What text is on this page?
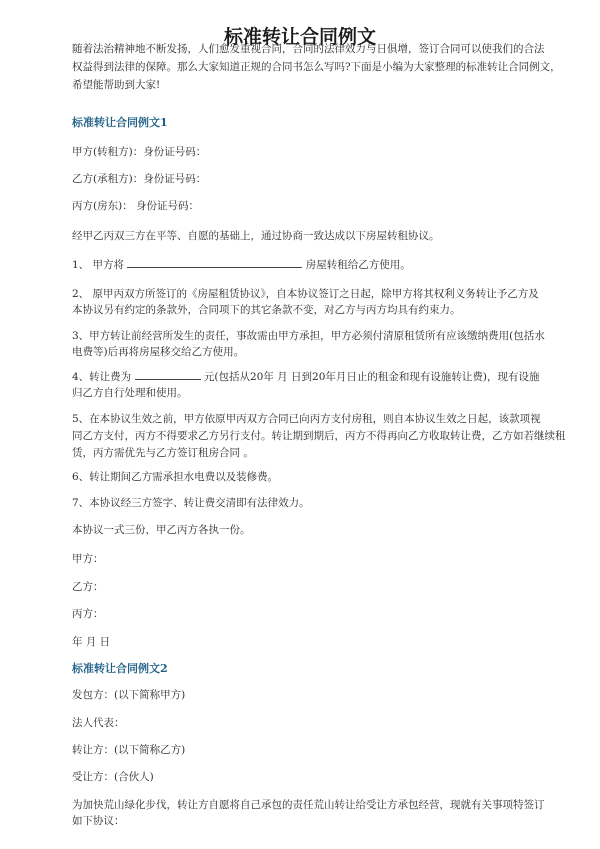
标准转让合同例文
随着法治精神地不断发扬，人们愈发重视合同，合同的法律效力与日俱增，签订合同可以使我们的合法
权益得到法律的保障。那么大家知道正规的合同书怎么写吗?下面是小编为大家整理的标准转让合同例文，
希望能帮助到大家!
标准转让合同例文1
甲方(转租方)：身份证号码：
乙方(承租方)：身份证号码：
丙方(房东)： 身份证号码：
经甲乙丙双三方在平等、自愿的基础上，通过协商一致达成以下房屋转租协议。
1、 甲方将	房屋转租给乙方使用。
2、 原甲丙双方所签订的《房屋租赁协议》，自本协议签订之日起，除甲方将其权利义务转让予乙方及
本协议另有约定的条款外，合同项下的其它条款不变，对乙方与丙方均具有约束力。
3、甲方转让前经营所发生的责任，事故需由甲方承担，甲方必须付清原租赁所有应该缴纳费用(包括水
电费等)后再将房屋移交给乙方使用。
4、转让费为	元(包括从20年 月 日到20年月日止的租金和现有设施转让费)，现有设施
归乙方自行处理和使用。
5、在本协议生效之前，甲方依原甲丙双方合同已向丙方支付房租，则自本协议生效之日起，该款项视
同乙方支付，丙方不得要求乙方另行支付。转让期到期后，丙方不得再向乙方收取转让费，乙方如若继续租
赁，丙方需优先与乙方签订租房合同 。
6、转让期间乙方需承担水电费以及装修费。
7、本协议经三方签字、转让费交清即有法律效力。
本协议一式三份，甲乙丙方各执一份。
甲方：
乙方：
丙方：
年 月 日
标准转让合同例文2
发包方：(以下简称甲方)
法人代表：
转让方：(以下简称乙方)
受让方：(合伙人)
为加快荒山绿化步伐，转让方自愿将自己承包的责任荒山转让给受让方承包经营，现就有关事项特签订
如下协议：
